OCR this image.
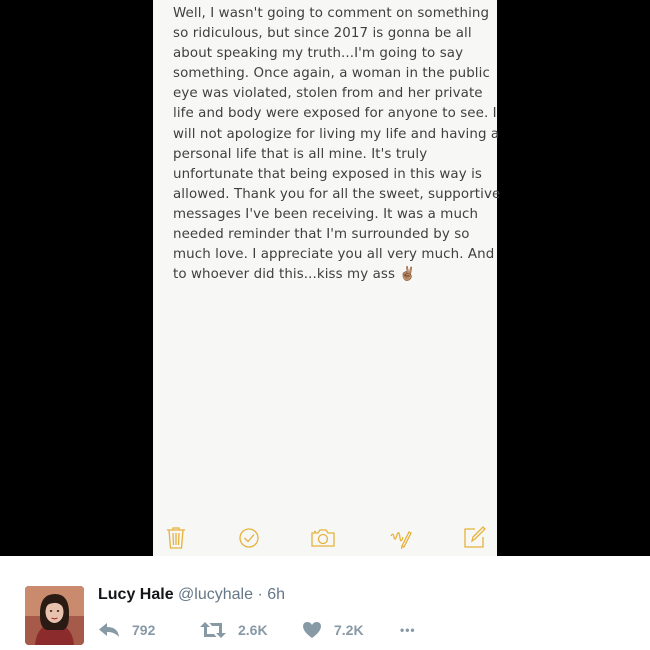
Well, I wasn't going to comment on something
so ridiculous, but since 2017 is gonna be all
about speaking my truth...I'm going to say
something. Once again, a woman in the public
eye was violated, stolen from and her private
life and body were exposed for anyone to see. I
will not apologize for living my life and having a
personal life that is all mine. It's truly
unfortunate that being exposed in this way is
allowed. Thank you for all the sweet, supportive
messages I've been receiving. It was a much
needed reminder that I'm surrounded by so
much love. I appreciate you all very much. And
to whoever did this...kiss my ass ✌🏽
Lucy Hale @lucyhale · 6h
792	2.6K	7.2K	•••
